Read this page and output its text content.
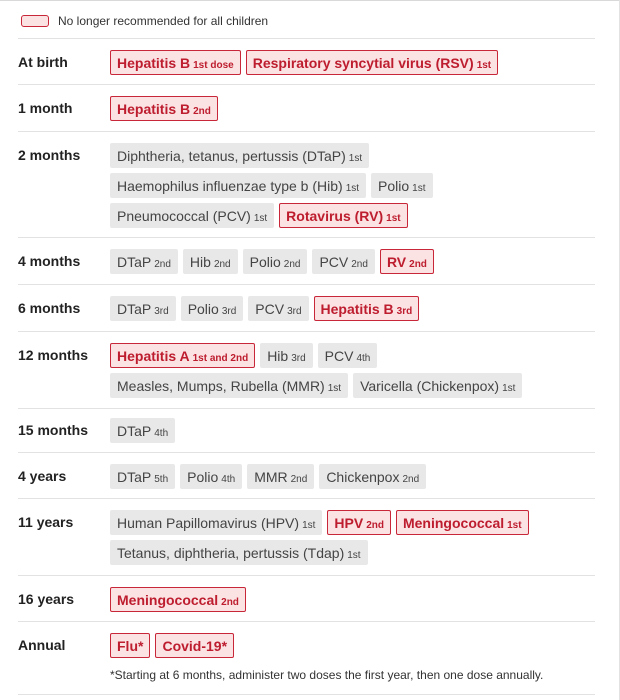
No longer recommended for all children
At birth	Hepatitis B 1st dose Respiratory syncytial virus (RSV) 1st
1 month	Hepatitis B 2nd
2 months	Diphtheria, tetanus, pertussis (DTaP) 1st
Haemophilus influenzae type b (Hib) 1st Polio 1st
Pneumococcal (PCV) 1st Rotavirus (RV) 1st
4 months	DTaP 2nd Hib 2nd Polio 2nd PCV 2nd RV 2nd
6 months	DTaP 3rd Polio 3rd PCV 3rd Hepatitis B 3rd
12 months	Hepatitis A 1st and 2nd Hib 3rd PCV 4th
Measles, Mumps, Rubella (MMR) 1st Varicella (Chickenpox) 1st
15 months	DTaP 4th
4 years	DTaP 5th Polio 4th MMR 2nd Chickenpox 2nd
11 years	Human Papillomavirus (HPV) 1st HPV 2nd Meningococcal 1st
Tetanus, diphtheria, pertussis (Tdap) 1st
16 years	Meningococcal 2nd
Annual	Flu* Covid-19*
*Starting at 6 months, administer two doses the first year, then one dose annually.
